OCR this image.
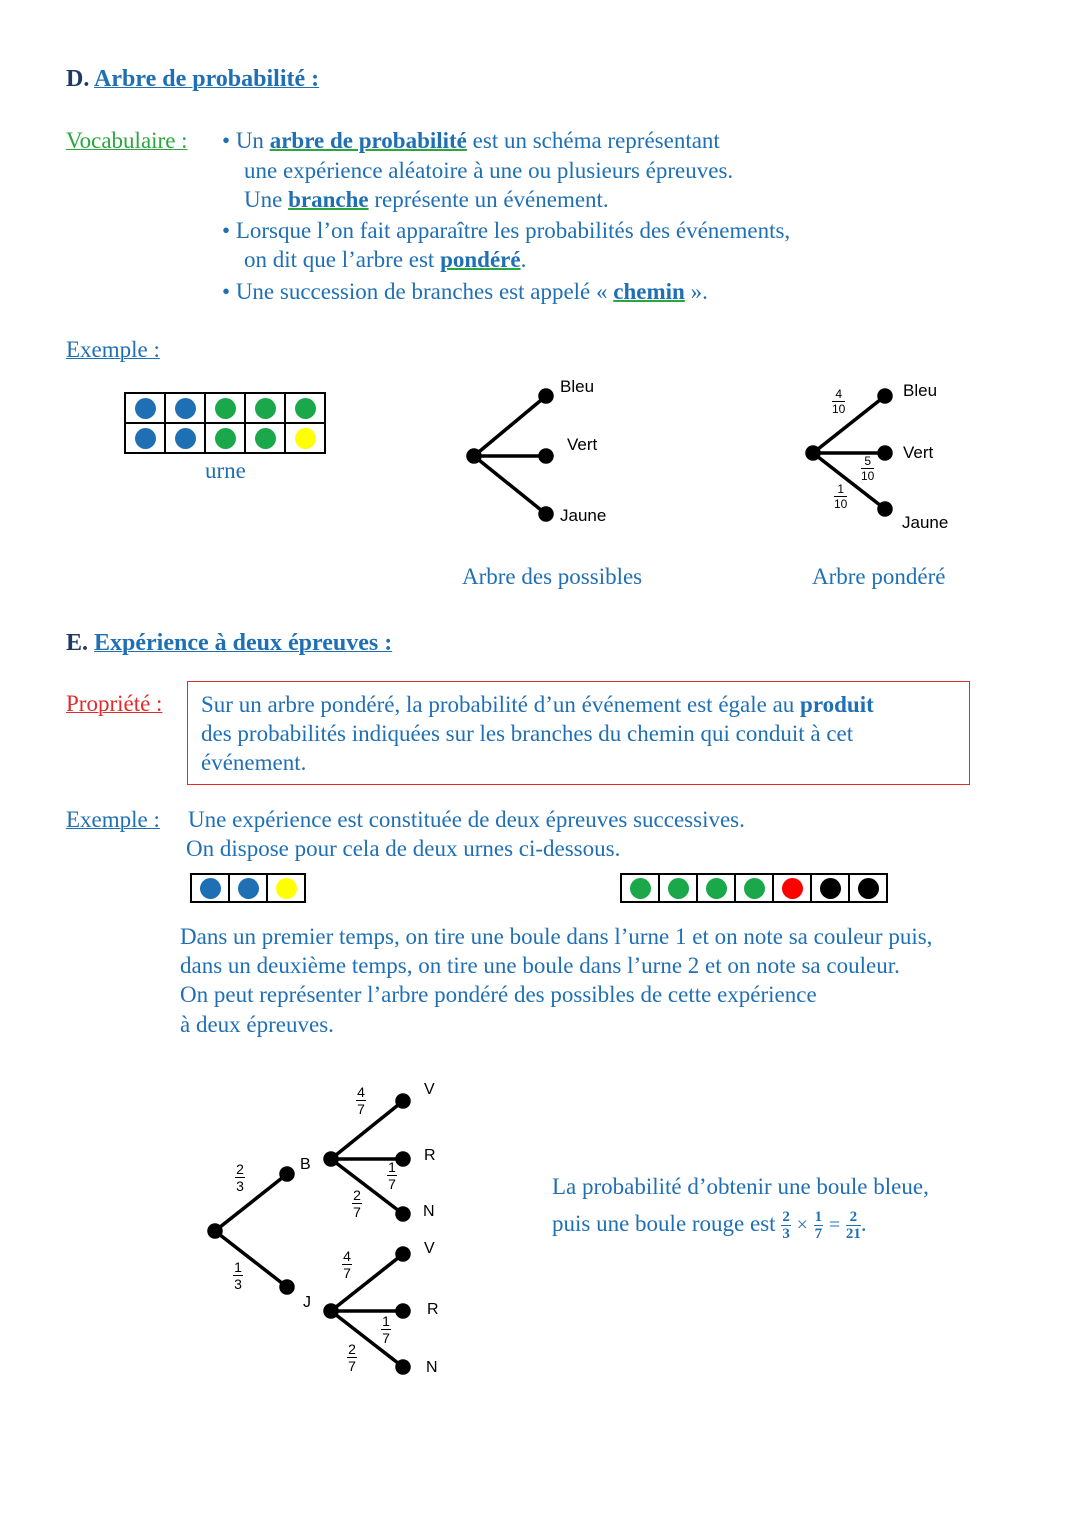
D. Arbre de probabilité :
Vocabulaire : • Un arbre de probabilité est un schéma représentant
une expérience aléatoire à une ou plusieurs épreuves.
Une branche représente un événement.
• Lorsque l’on fait apparaître les probabilités des événements,
on dit que l’arbre est pondéré.
• Une succession de branches est appelé « chemin ».
Exemple :
urne
Bleu
Vert
Jaune
Arbre des possibles
Bleu
Vert
Jaune
Arbre pondéré
$\frac{4}{10}$
$\frac{5}{10}$
$\frac{1}{10}$
E. Expérience à deux épreuves :
Propriété : Sur un arbre pondéré, la probabilité d’un événement est égale au produit
des probabilités indiquées sur les branches du chemin qui conduit à cet
événement.
Exemple : Une expérience est constituée de deux épreuves successives.
On dispose pour cela de deux urnes ci-dessous.
Dans un premier temps, on tire une boule dans l’urne 1 et on note sa couleur puis,
dans un deuxième temps, on tire une boule dans l’urne 2 et on note sa couleur.
On peut représenter l’arbre pondéré des possibles de cette expérience
à deux épreuves.
B
J
V
R
N
V
R
N
$\frac{2}{3}$
$\frac{1}{3}$
$\frac{4}{7}$
$\frac{1}{7}$
$\frac{2}{7}$
$\frac{4}{7}$
$\frac{1}{7}$
$\frac{2}{7}$
La probabilité d’obtenir une boule bleue,
puis une boule rouge est $\frac{2}{3} \times \frac{1}{7} = \frac{2}{21}$ .
